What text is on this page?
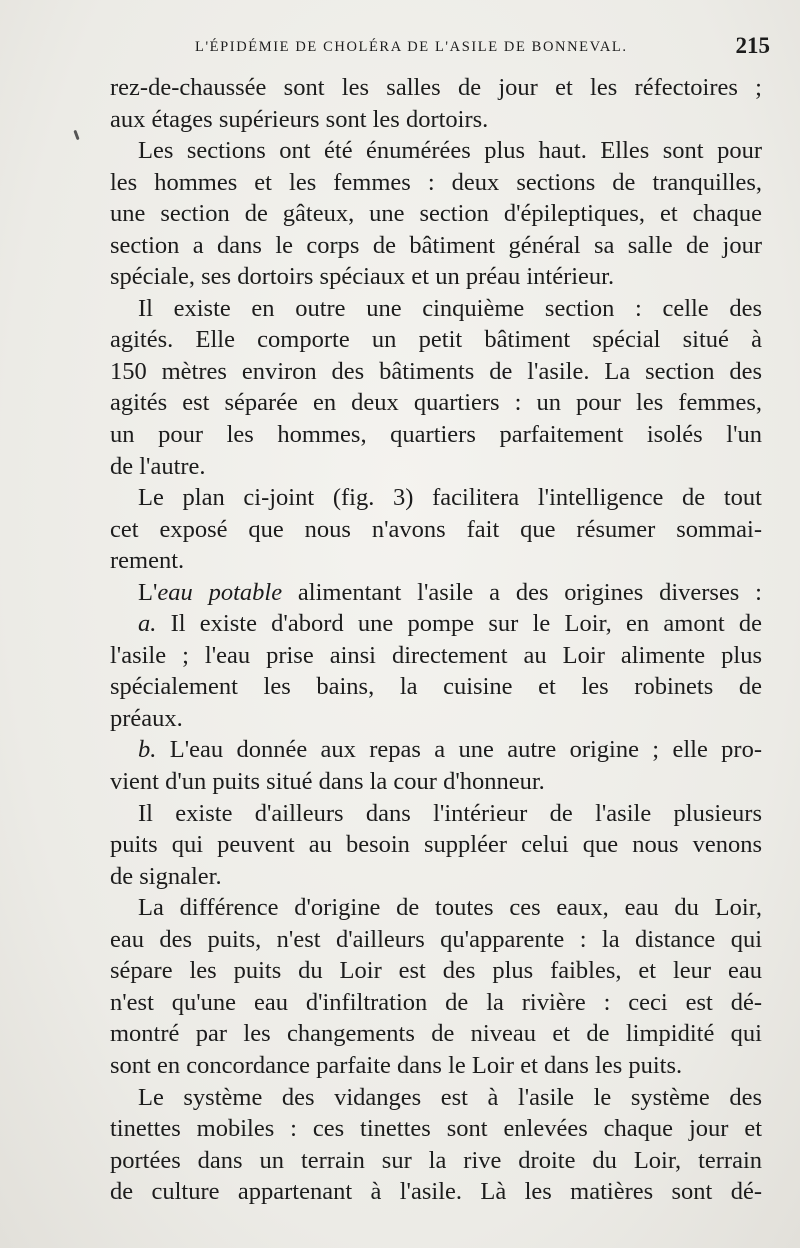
L'ÉPIDÉMIE DE CHOLÉRA DE L'ASILE DE BONNEVAL.	215
rez-de-chaussée sont les salles de jour et les réfectoires ;
aux étages supérieurs sont les dortoirs.
Les sections ont été énumérées plus haut. Elles sont pour
les hommes et les femmes : deux sections de tranquilles,
une section de gâteux, une section d'épileptiques, et chaque
section a dans le corps de bâtiment général sa salle de jour
spéciale, ses dortoirs spéciaux et un préau intérieur.
Il existe en outre une cinquième section : celle des
agités. Elle comporte un petit bâtiment spécial situé à
150 mètres environ des bâtiments de l'asile. La section des
agités est séparée en deux quartiers : un pour les femmes,
un pour les hommes, quartiers parfaitement isolés l'un
de l'autre.
Le plan ci-joint (fig. 3) facilitera l'intelligence de tout
cet exposé que nous n'avons fait que résumer sommai-
rement.
L'eau potable alimentant l'asile a des origines diverses :
a. Il existe d'abord une pompe sur le Loir, en amont de
l'asile ; l'eau prise ainsi directement au Loir alimente plus
spécialement les bains, la cuisine et les robinets de
préaux.
b. L'eau donnée aux repas a une autre origine ; elle pro-
vient d'un puits situé dans la cour d'honneur.
Il existe d'ailleurs dans l'intérieur de l'asile plusieurs
puits qui peuvent au besoin suppléer celui que nous venons
de signaler.
La différence d'origine de toutes ces eaux, eau du Loir,
eau des puits, n'est d'ailleurs qu'apparente : la distance qui
sépare les puits du Loir est des plus faibles, et leur eau
n'est qu'une eau d'infiltration de la rivière : ceci est dé-
montré par les changements de niveau et de limpidité qui
sont en concordance parfaite dans le Loir et dans les puits.
Le système des vidanges est à l'asile le système des
tinettes mobiles : ces tinettes sont enlevées chaque jour et
portées dans un terrain sur la rive droite du Loir, terrain
de culture appartenant à l'asile. Là les matières sont dé-
